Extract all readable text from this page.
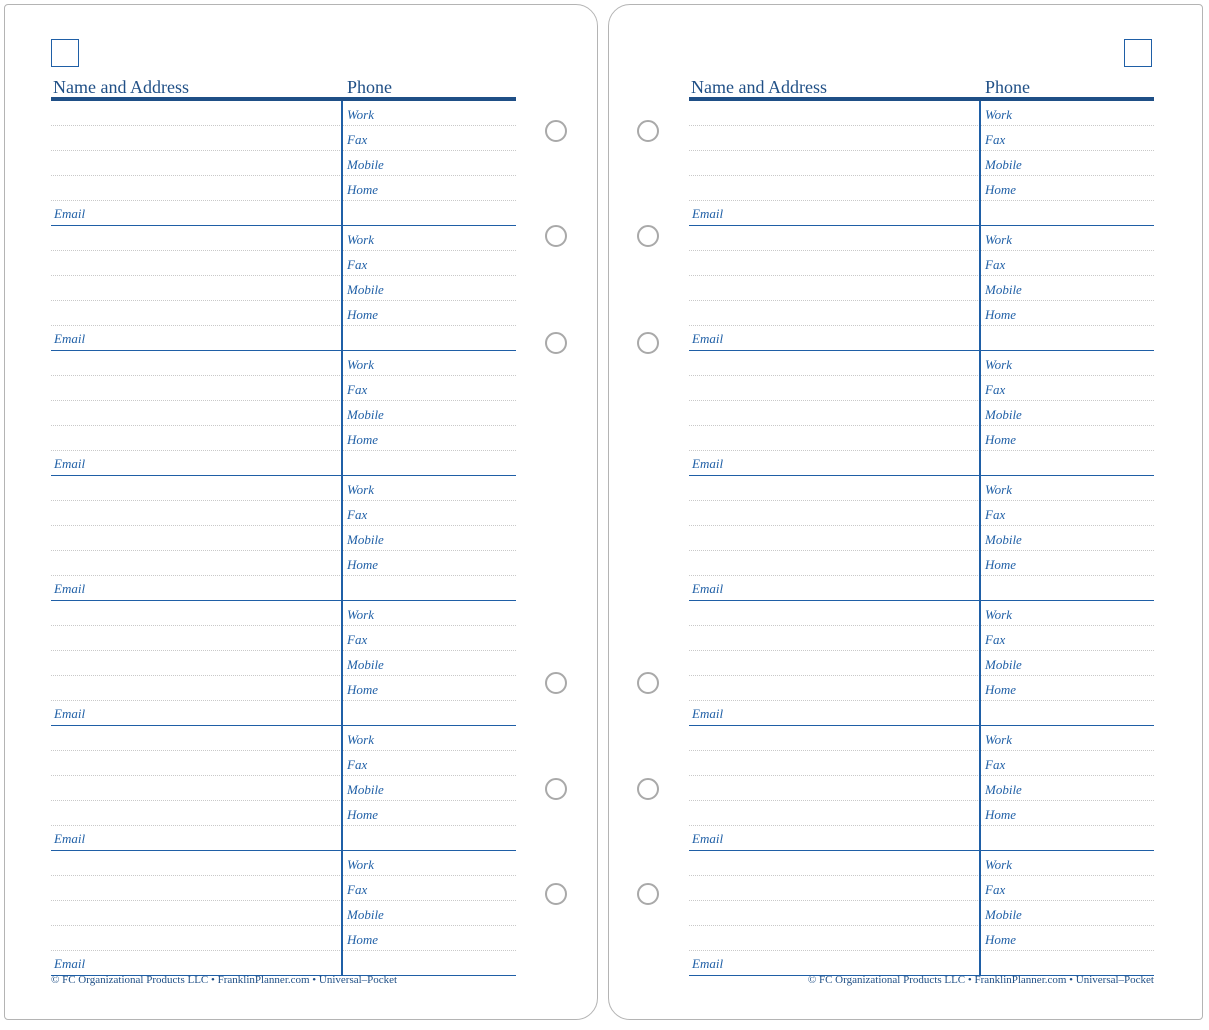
Name and Address	Phone
Work
Fax
Mobile
Home
Email
Work
Fax
Mobile
Home
Email
Work
Fax
Mobile
Home
Email
Work
Fax
Mobile
Home
Email
Work
Fax
Mobile
Home
Email
Work
Fax
Mobile
Home
Email
Work
Fax
Mobile
Home
Email
© FC Organizational Products LLC • FranklinPlanner.com • Universal–Pocket
Name and Address	Phone
Work
Fax
Mobile
Home
Email
Work
Fax
Mobile
Home
Email
Work
Fax
Mobile
Home
Email
Work
Fax
Mobile
Home
Email
Work
Fax
Mobile
Home
Email
Work
Fax
Mobile
Home
Email
Work
Fax
Mobile
Home
Email
© FC Organizational Products LLC • FranklinPlanner.com • Universal–Pocket
